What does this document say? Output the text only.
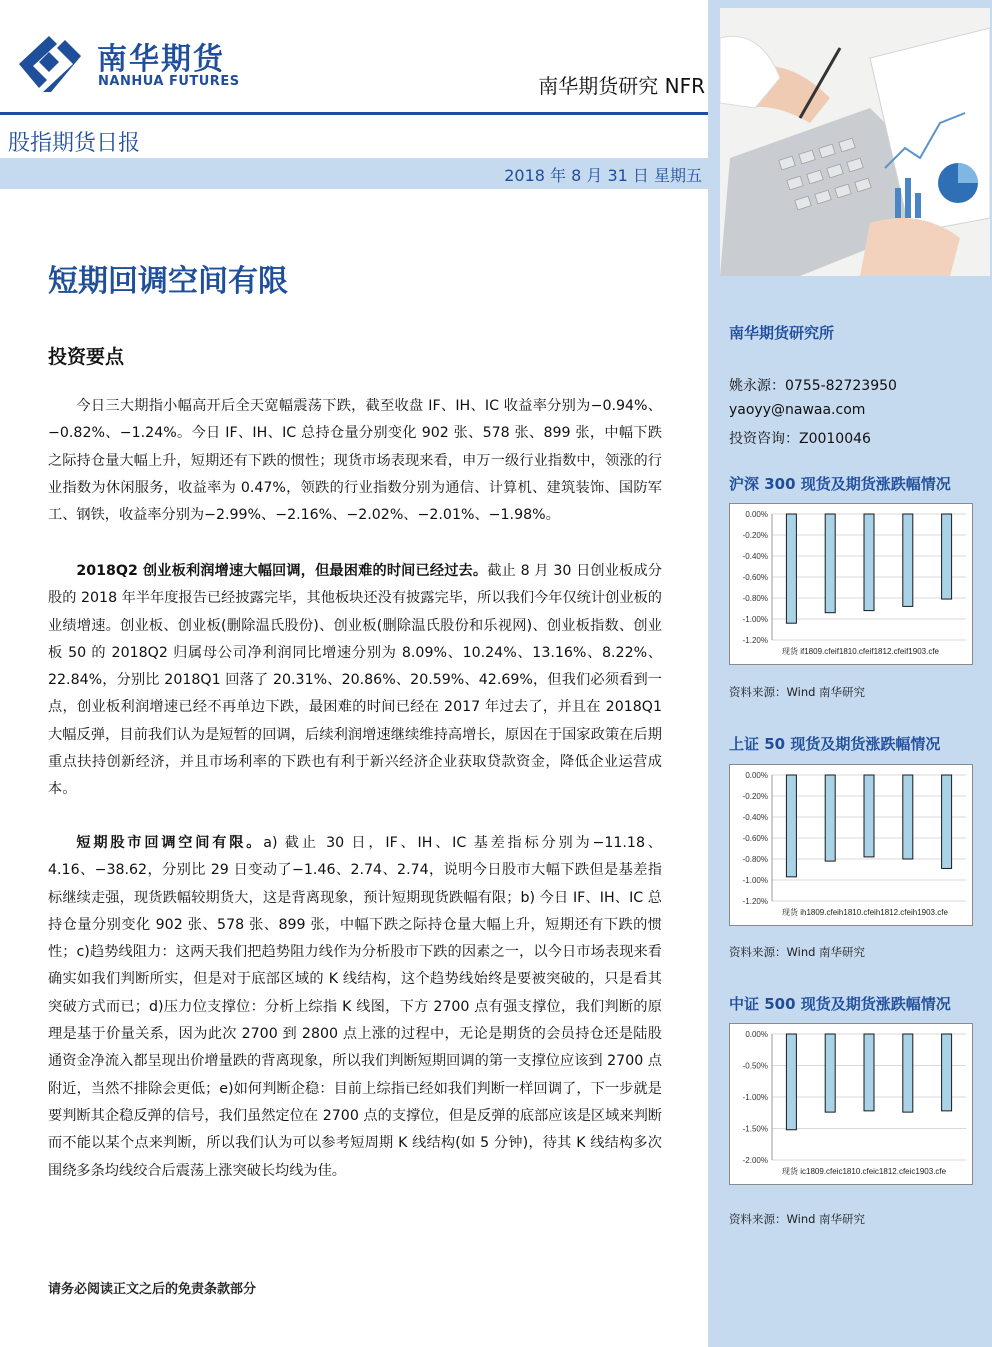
南华期货
NANHUA FUTURES	南华期货研究 NFR
股指期货日报
2018 年 8 月 31 日 星期五
短期回调空间有限
投资要点

今日三大期指小幅高开后全天宽幅震荡下跌，截至收盘 IF、IH、IC 收益率分别为−0.94%、−0.82%、−1.24%。今日 IF、IH、IC 总持仓量分别变化 902 张、578 张、899 张，中幅下跌之际持仓量大幅上升，短期还有下跌的惯性；现货市场表现来看，申万一级行业指数中，领涨的行业指数为休闲服务，收益率为 0.47%，领跌的行业指数分别为通信、计算机、建筑装饰、国防军工、钢铁，收益率分别为−2.99%、−2.16%、−2.02%、−2.01%、−1.98%。

2018Q2 创业板利润增速大幅回调，但最困难的时间已经过去。截止 8 月 30 日创业板成分股的 2018 年半年度报告已经披露完毕，其他板块还没有披露完毕，所以我们今年仅统计创业板的业绩增速。创业板、创业板(删除温氏股份)、创业板(删除温氏股份和乐视网)、创业板指数、创业板 50 的 2018Q2 归属母公司净利润同比增速分别为 8.09%、10.24%、13.16%、8.22%、22.84%，分别比 2018Q1 回落了 20.31%、20.86%、20.59%、42.69%，但我们必须看到一点，创业板利润增速已经不再单边下跌，最困难的时间已经在 2017 年过去了，并且在 2018Q1 大幅反弹，目前我们认为是短暂的回调，后续利润增速继续维持高增长，原因在于国家政策在后期重点扶持创新经济，并且市场利率的下跌也有利于新兴经济企业获取贷款资金，降低企业运营成本。

短期股市回调空间有限。a) 截止 30 日，IF、IH、IC 基差指标分别为−11.18、4.16、−38.62，分别比 29 日变动了−1.46、2.74、2.74，说明今日股市大幅下跌但是基差指标继续走强，现货跌幅较期货大，这是背离现象，预计短期现货跌幅有限；b) 今日 IF、IH、IC 总持仓量分别变化 902 张、578 张、899 张，中幅下跌之际持仓量大幅上升，短期还有下跌的惯性；c)趋势线阻力：这两天我们把趋势阻力线作为分析股市下跌的因素之一，以今日市场表现来看确实如我们判断所实，但是对于底部区域的 K 线结构，这个趋势线始终是要被突破的，只是看其突破方式而已；d)压力位支撑位：分析上综指 K 线图，下方 2700 点有强支撑位，我们判断的原理是基于价量关系，因为此次 2700 到 2800 点上涨的过程中，无论是期货的会员持仓还是陆股通资金净流入都呈现出价增量跌的背离现象，所以我们判断短期回调的第一支撑位应该到 2700 点附近，当然不排除会更低；e)如何判断企稳：目前上综指已经如我们判断一样回调了，下一步就是要判断其企稳反弹的信号，我们虽然定位在 2700 点的支撑位，但是反弹的底部应该是区域来判断而不能以某个点来判断，所以我们认为可以参考短周期 K 线结构(如 5 分钟)，待其 K 线结构多次围绕多条均线绞合后震荡上涨突破长均线为佳。

请务必阅读正文之后的免责条款部分
南华期货研究所
姚永源：0755-82723950
yaoyy@nawaa.com
投资咨询：Z0010046
沪深 300 现货及期货涨跌幅情况
0.00%
-0.20%
-0.40%
-0.60%
-0.80%
-1.00%
-1.20%
现货 if1809.cfeif1810.cfeif1812.cfeif1903.cfe
资料来源：Wind 南华研究
上证 50 现货及期货涨跌幅情况
0.00%
-0.20%
-0.40%
-0.60%
-0.80%
-1.00%
-1.20%
现货 ih1809.cfeih1810.cfeih1812.cfeih1903.cfe
资料来源：Wind 南华研究
中证 500 现货及期货涨跌幅情况
0.00%
-0.50%
-1.00%
-1.50%
-2.00%
现货 ic1809.cfeic1810.cfeic1812.cfeic1903.cfe
资料来源：Wind 南华研究
